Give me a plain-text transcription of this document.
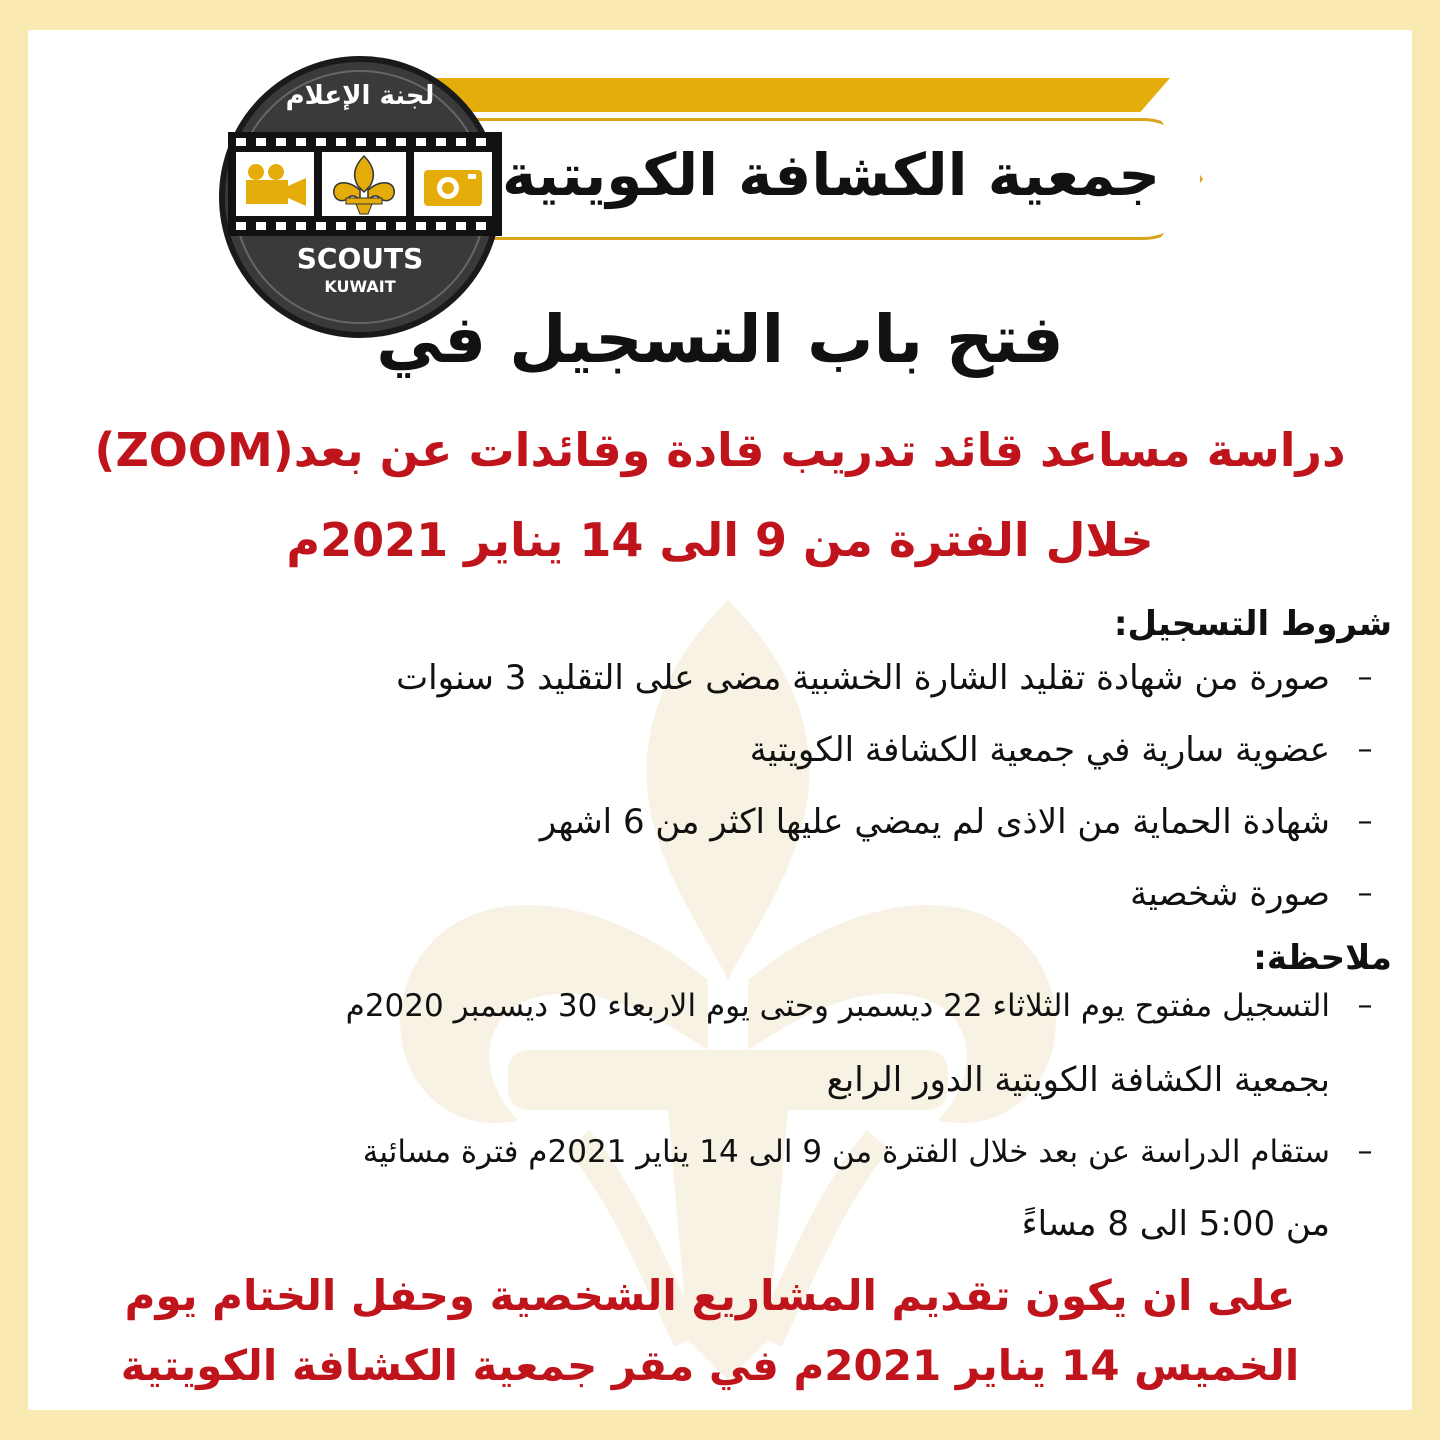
جمعية الكشافة الكويتية
لجنة الإعلام
SCOUTS
KUWAIT
فتح باب التسجيل في
دراسة مساعد قائد تدريب قادة وقائدات عن بعد(ZOOM)
خلال الفترة من 9 الى 14 يناير 2021م
شروط التسجيل:
–
صورة من شهادة تقليد الشارة الخشبية مضى على التقليد 3 سنوات
–
عضوية سارية في جمعية الكشافة الكويتية
–
شهادة الحماية من الاذى لم يمضي عليها اكثر من 6 اشهر
–
صورة شخصية
ملاحظة:
–
التسجيل مفتوح يوم الثلاثاء 22 ديسمبر وحتى يوم الاربعاء 30 ديسمبر 2020م
بجمعية الكشافة الكويتية الدور الرابع
–
ستقام الدراسة عن بعد خلال الفترة من 9 الى 14 يناير 2021م فترة مسائية
من 5:00 الى 8 مساءً
على ان يكون تقديم المشاريع الشخصية وحفل الختام يوم
الخميس 14 يناير 2021م في مقر جمعية الكشافة الكويتية
